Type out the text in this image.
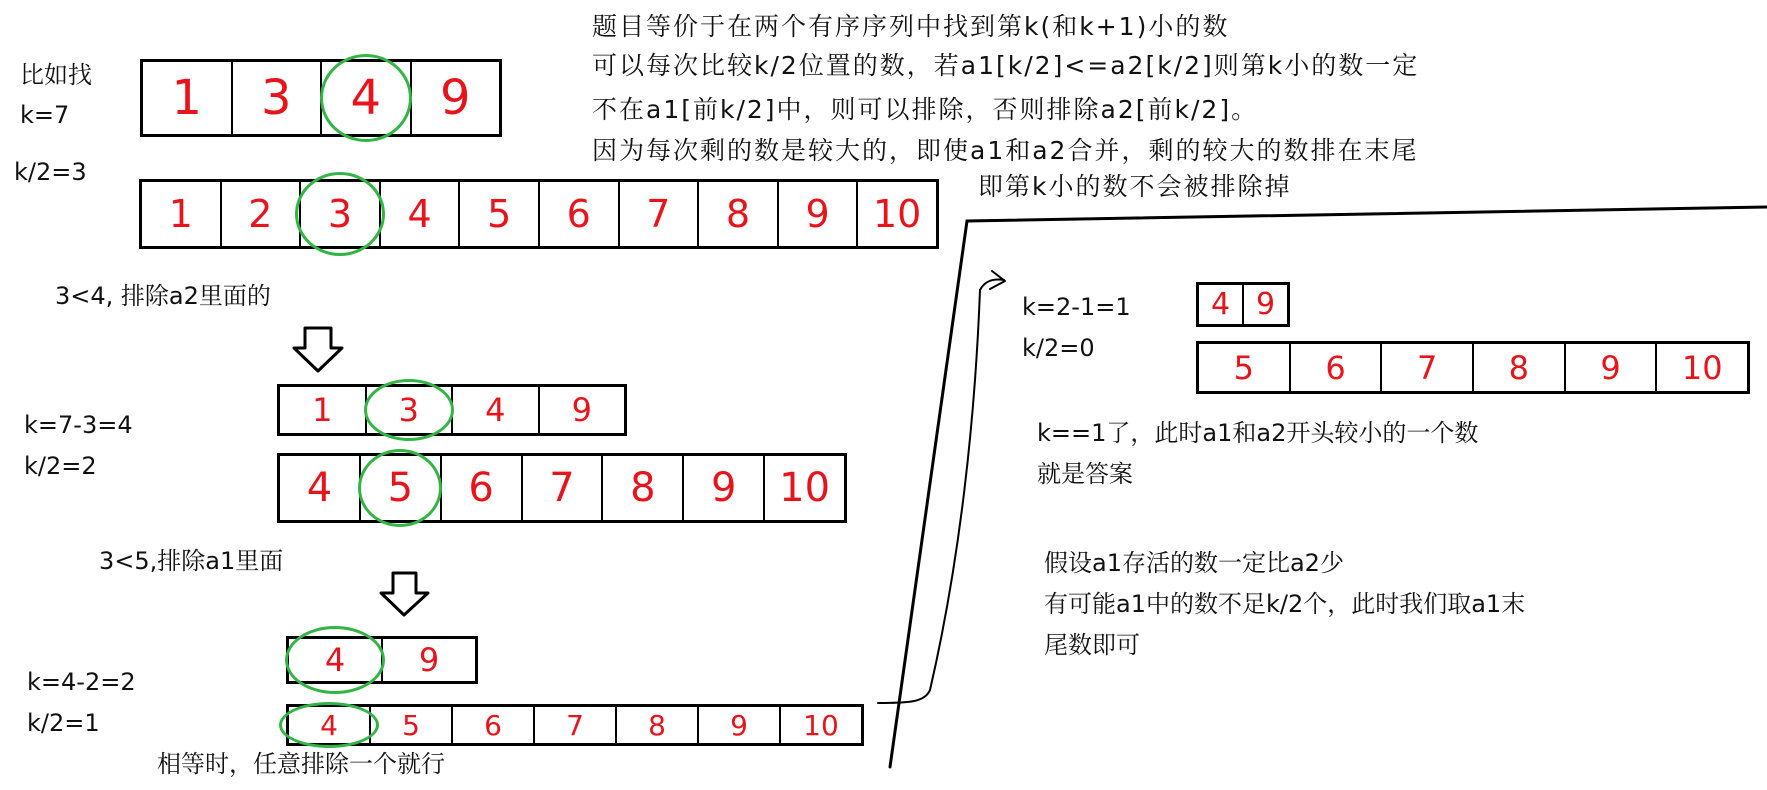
题目等价于在两个有序序列中找到第k(和k+1)小的数
可以每次比较k/2位置的数，若a1[k/2]<=a2[k/2]则第k小的数一定
不在a1[前k/2]中，则可以排除，否则排除a2[前k/2]。
因为每次剩的数是较大的，即使a1和a2合并，剩的较大的数排在末尾
即第k小的数不会被排除掉
比如找
k=7
k/2=3
1 3 4 9
1 2 3 4 5 6 7 8 9 10
3<4, 排除a2里面的
k=7-3=4
k/2=2
1 3 4 9
4 5 6 7 8 9 10
3<5,排除a1里面
k=4-2=2
k/2=1
4 9
4 5 6 7 8 9 10
相等时，任意排除一个就行
k=2-1=1
k/2=0
4 9
5 6 7 8 9 10
k==1了，此时a1和a2开头较小的一个数
就是答案
假设a1存活的数一定比a2少
有可能a1中的数不足k/2个，此时我们取a1末
尾数即可
